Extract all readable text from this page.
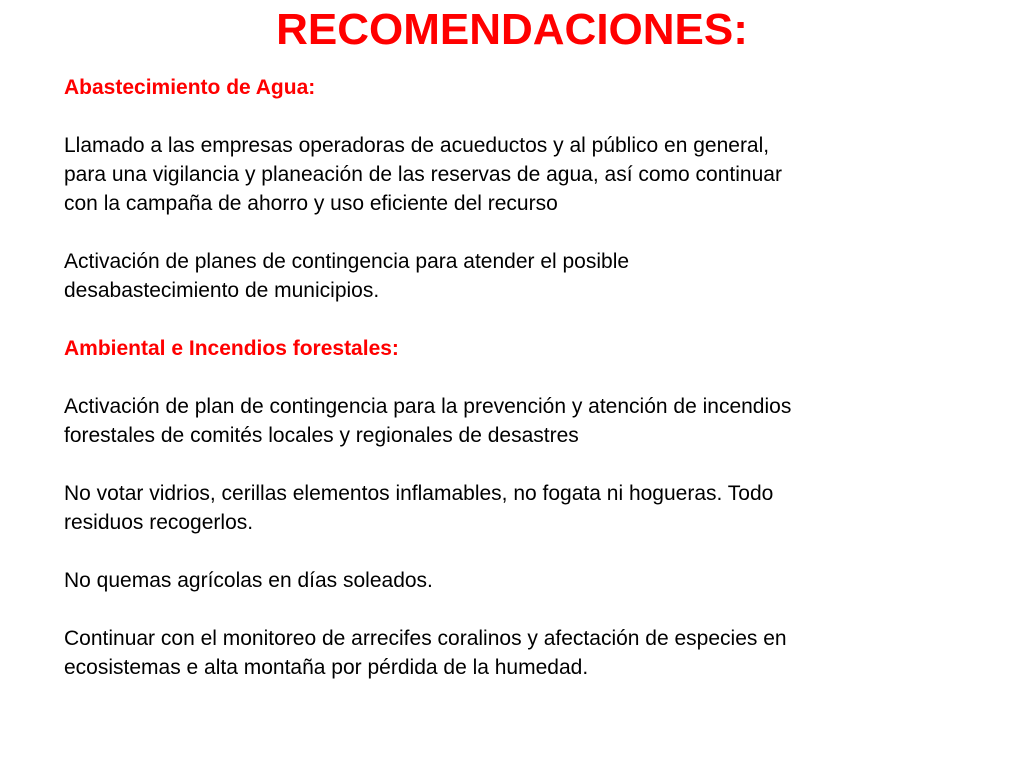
RECOMENDACIONES:

Abastecimiento de Agua:

Llamado a las empresas operadoras de acueductos y al público en general,

para una vigilancia y planeación de las reservas de agua, así como continuar

con la campaña de ahorro y uso eficiente del recurso

Activación de planes de contingencia para atender el posible

desabastecimiento de municipios.

Ambiental e Incendios forestales:

Activación de plan de contingencia para la prevención y atención de incendios

forestales de comités locales y regionales de desastres

No votar vidrios, cerillas elementos inflamables, no fogata ni hogueras. Todo

residuos recogerlos.

No quemas agrícolas en días soleados.

Continuar con el monitoreo de arrecifes coralinos y afectación de especies en

ecosistemas e alta montaña por pérdida de la humedad.
